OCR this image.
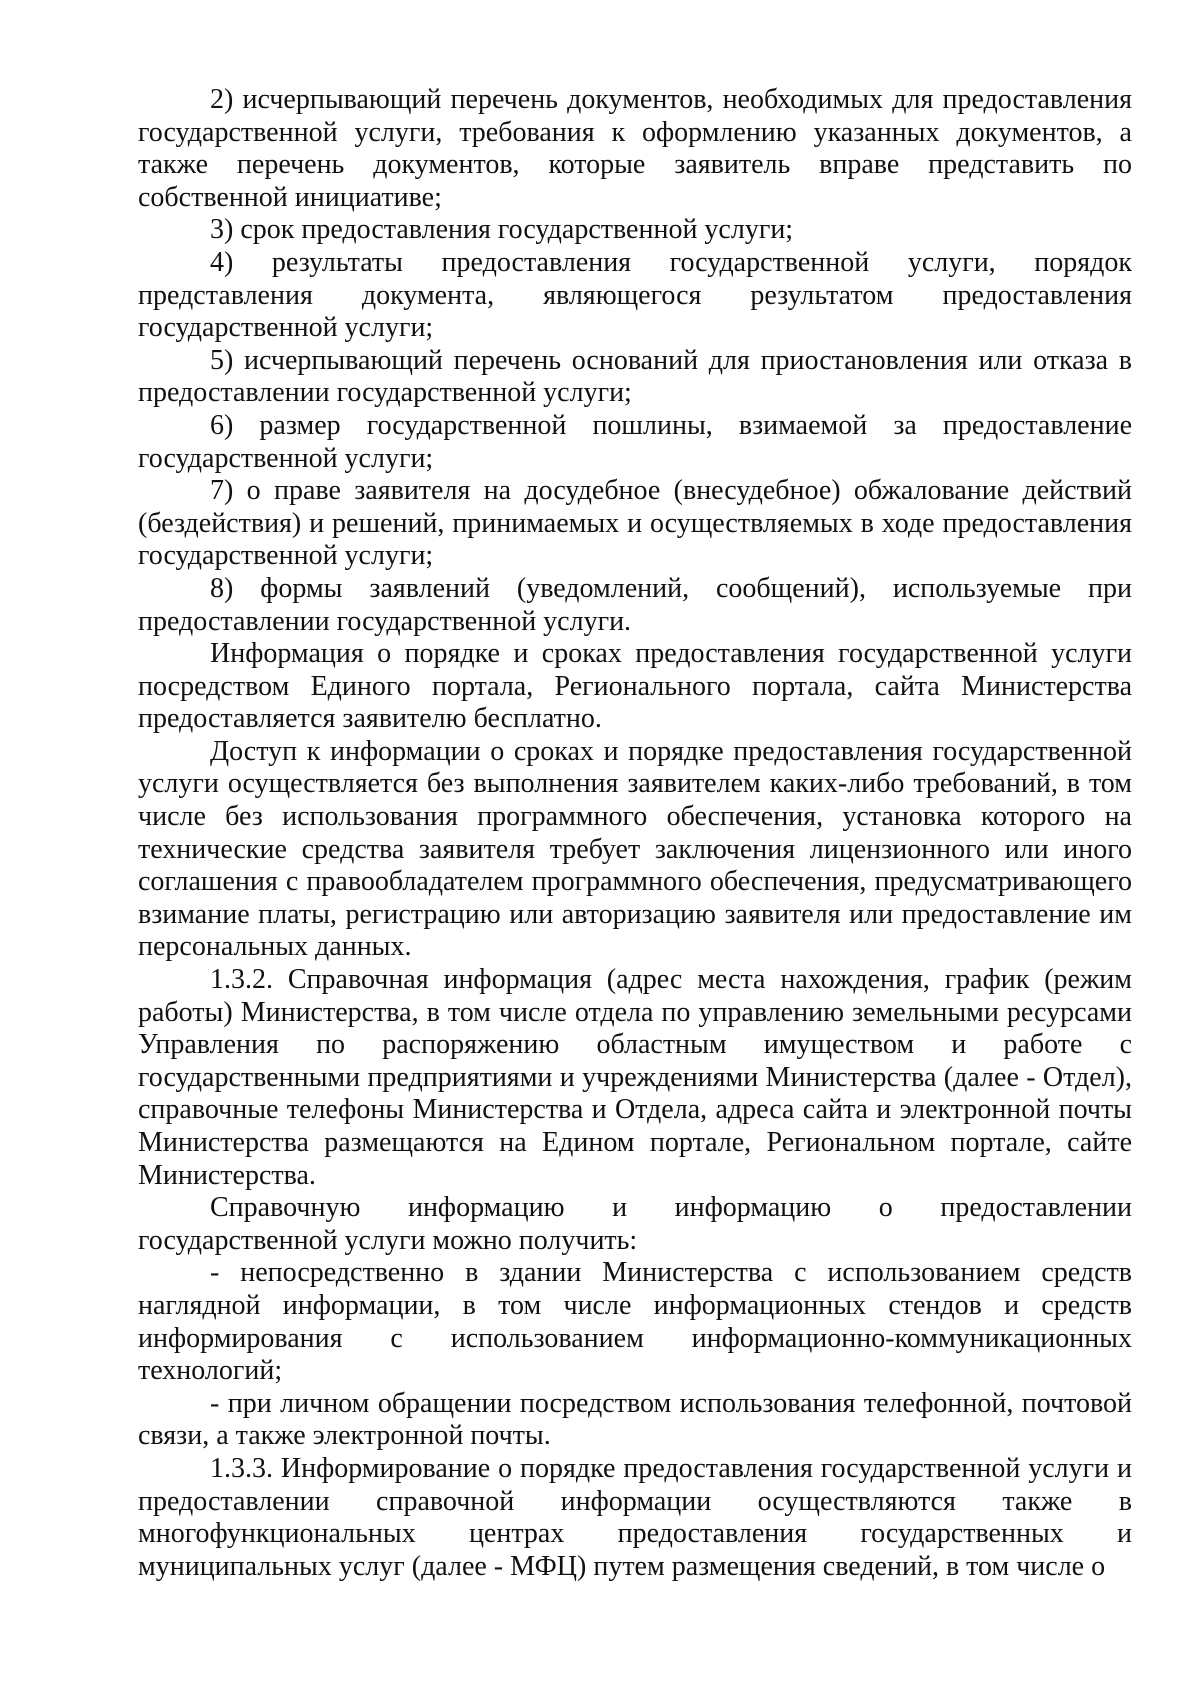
2) исчерпывающий перечень документов, необходимых для предоставления государственной услуги, требования к оформлению указанных документов, а также перечень документов, которые заявитель вправе представить по собственной инициативе;

3) срок предоставления государственной услуги;

4) результаты предоставления государственной услуги, порядок представления документа, являющегося результатом предоставления государственной услуги;

5) исчерпывающий перечень оснований для приостановления или отказа в предоставлении государственной услуги;

6) размер государственной пошлины, взимаемой за предоставление государственной услуги;

7) о праве заявителя на досудебное (внесудебное) обжалование действий (бездействия) и решений, принимаемых и осуществляемых в ходе предоставления государственной услуги;

8) формы заявлений (уведомлений, сообщений), используемые при предоставлении государственной услуги.

Информация о порядке и сроках предоставления государственной услуги посредством Единого портала, Регионального портала, сайта Министерства предоставляется заявителю бесплатно.

Доступ к информации о сроках и порядке предоставления государственной услуги осуществляется без выполнения заявителем каких-либо требований, в том числе без использования программного обеспечения, установка которого на технические средства заявителя требует заключения лицензионного или иного соглашения с правообладателем программного обеспечения, предусматривающего взимание платы, регистрацию или авторизацию заявителя или предоставление им персональных данных.

1.3.2. Справочная информация (адрес места нахождения, график (режим работы) Министерства, в том числе отдела по управлению земельными ресурсами Управления по распоряжению областным имуществом и работе с государственными предприятиями и учреждениями Министерства (далее - Отдел), справочные телефоны Министерства и Отдела, адреса сайта и электронной почты Министерства размещаются на Едином портале, Региональном портале, сайте Министерства.

Справочную информацию и информацию о предоставлении государственной услуги можно получить:

- непосредственно в здании Министерства с использованием средств наглядной информации, в том числе информационных стендов и средств информирования с использованием информационно-коммуникационных технологий;

- при личном обращении посредством использования телефонной, почтовой связи, а также электронной почты.

1.3.3. Информирование о порядке предоставления государственной услуги и предоставлении справочной информации осуществляются также в многофункциональных центрах предоставления государственных и муниципальных услуг (далее - МФЦ) путем размещения сведений, в том числе о
